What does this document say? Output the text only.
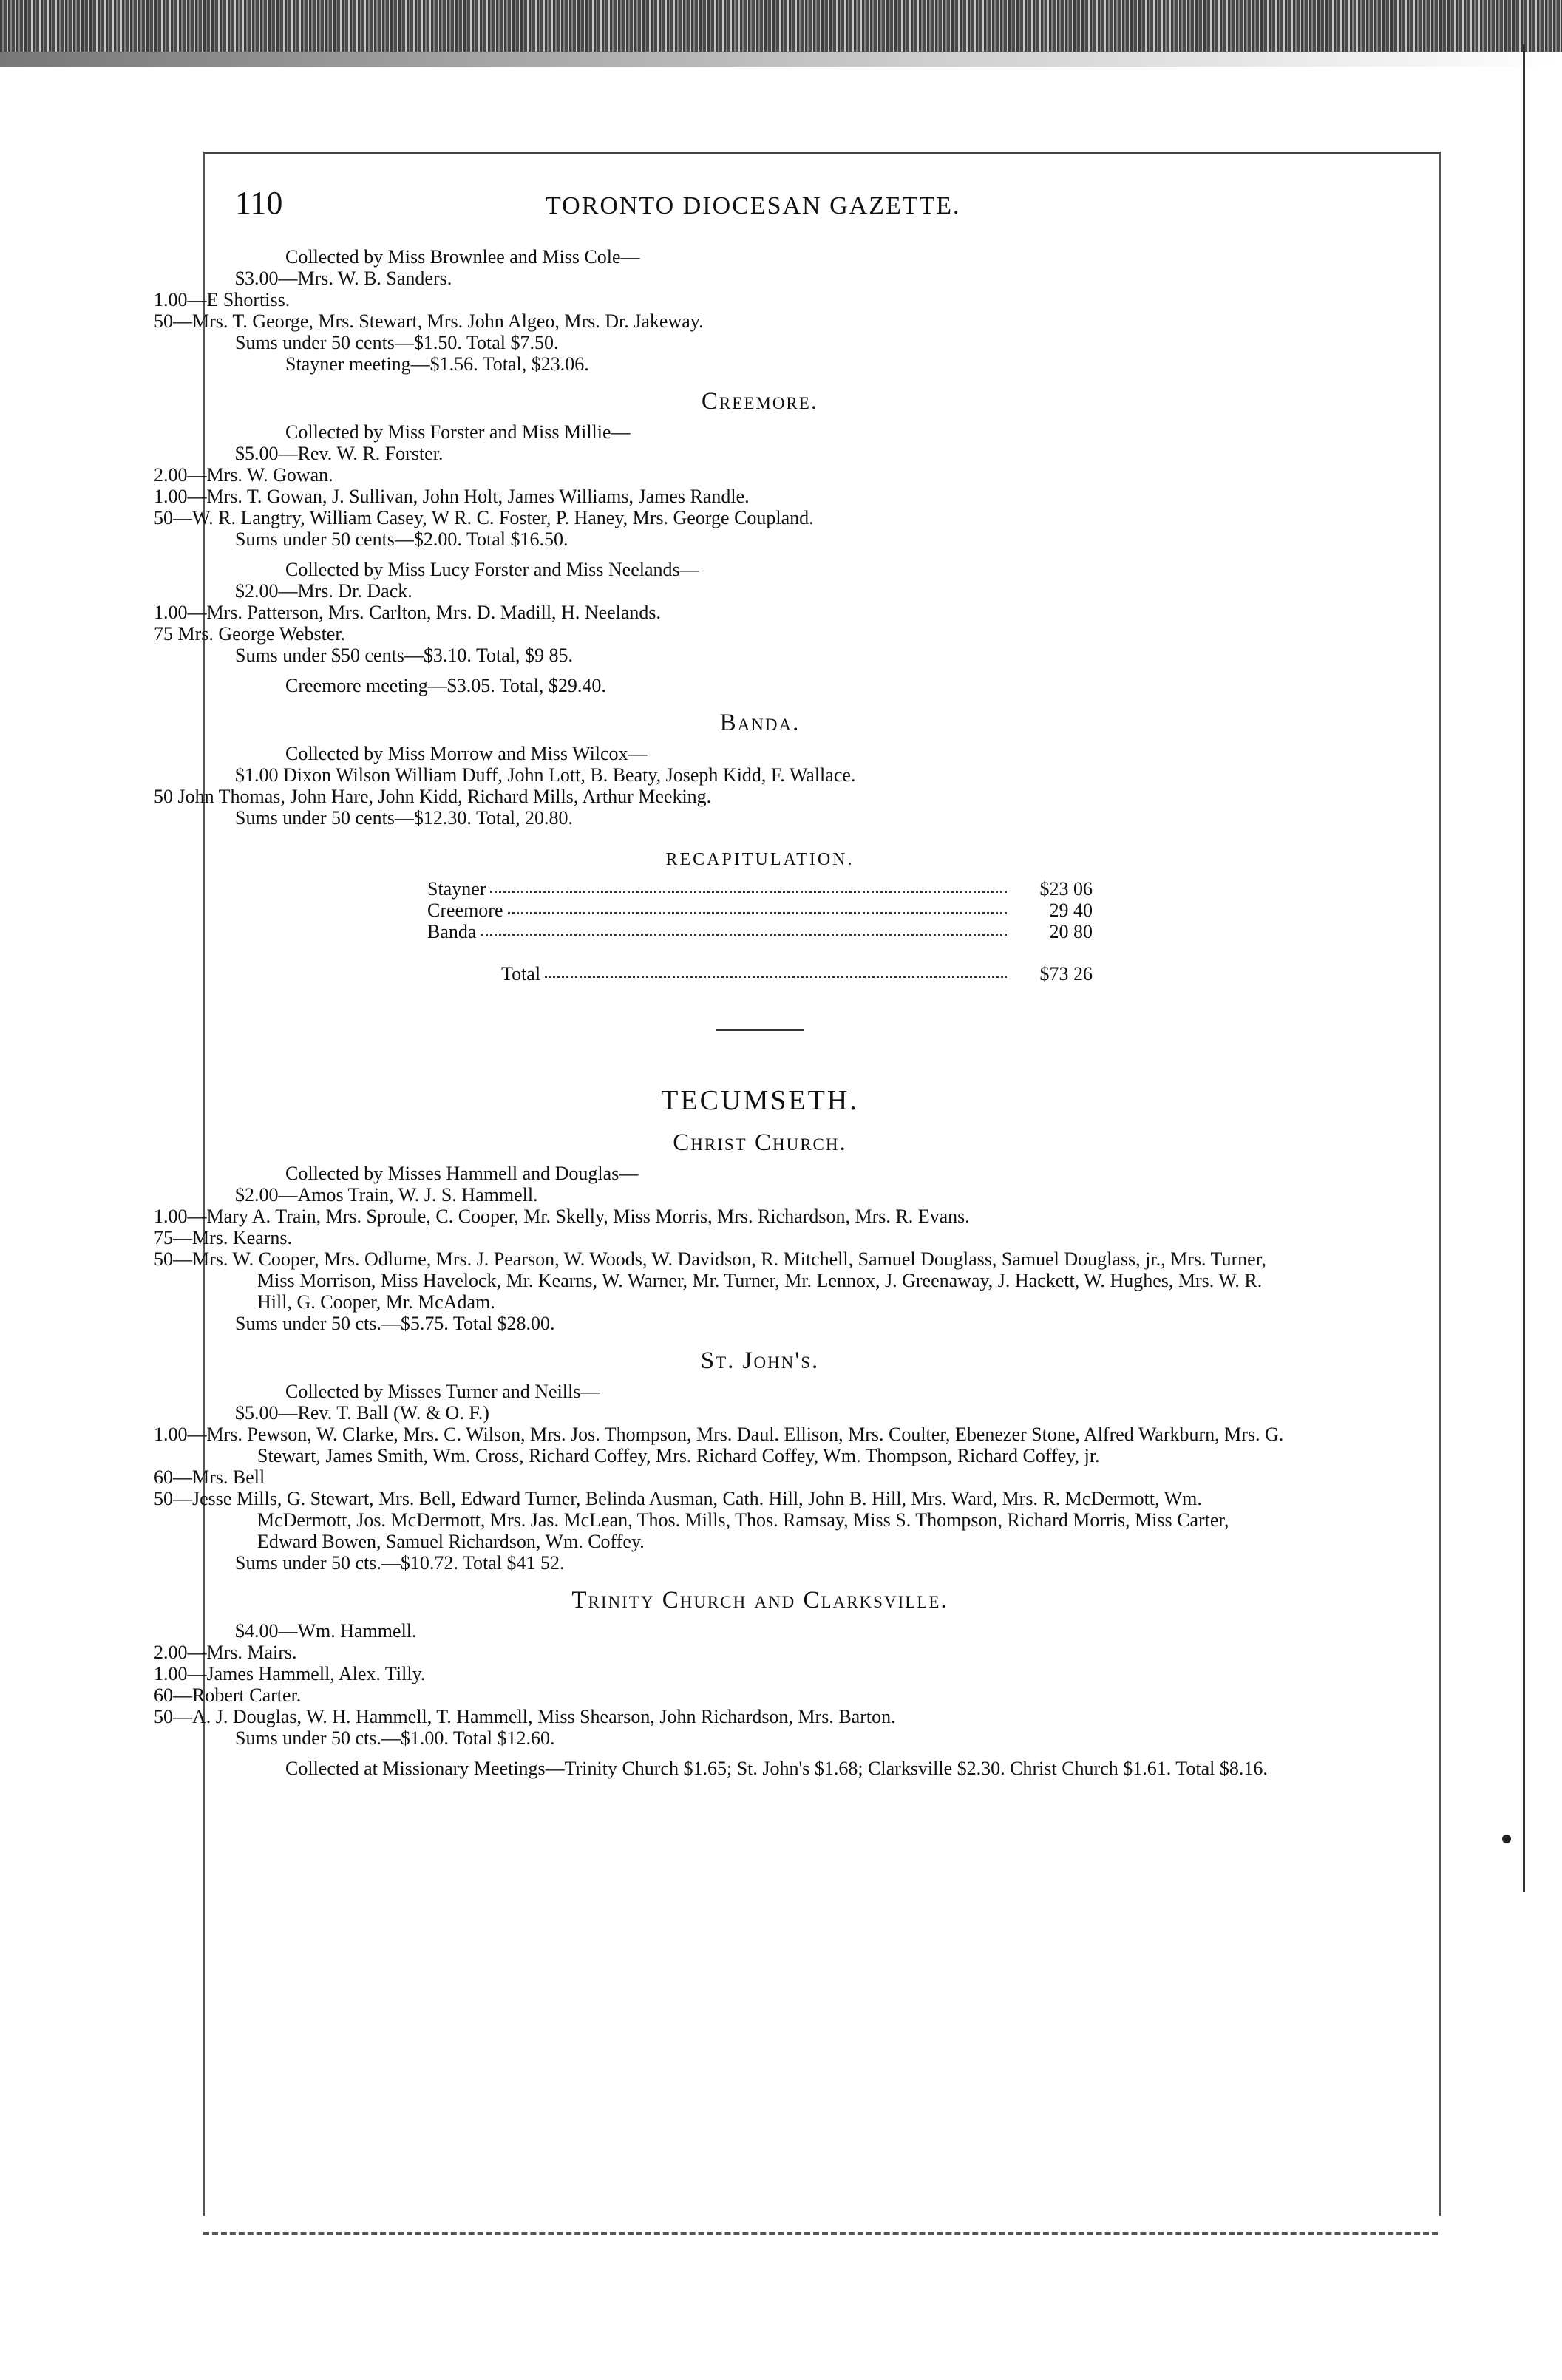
110	TORONTO DIOCESAN GAZETTE.

Collected by Miss Brownlee and Miss Cole—

$3.00—Mrs. W. B. Sanders.

1.00—E Shortiss.

50—Mrs. T. George, Mrs. Stewart, Mrs. John Algeo, Mrs. Dr. Jakeway.

Sums under 50 cents—$1.50. Total $7.50.

Stayner meeting—$1.56. Total, $23.06.

Creemore.

Collected by Miss Forster and Miss Millie—

$5.00—Rev. W. R. Forster.

2.00—Mrs. W. Gowan.

1.00—Mrs. T. Gowan, J. Sullivan, John Holt, James Williams, James Randle.

50—W. R. Langtry, William Casey, W R. C. Foster, P. Haney, Mrs. George Coupland.

Sums under 50 cents—$2.00. Total $16.50.

Collected by Miss Lucy Forster and Miss Neelands—

$2.00—Mrs. Dr. Dack.

1.00—Mrs. Patterson, Mrs. Carlton, Mrs. D. Madill, H. Neelands.

75 Mrs. George Webster.

Sums under $50 cents—$3.10. Total, $9 85.

Creemore meeting—$3.05. Total, $29.40.

Banda.

Collected by Miss Morrow and Miss Wilcox—

$1.00 Dixon Wilson William Duff, John Lott, B. Beaty, Joseph Kidd, F. Wallace.

50 John Thomas, John Hare, John Kidd, Richard Mills, Arthur Meeking.

Sums under 50 cents—$12.30. Total, 20.80.

RECAPITULATION.

Stayner	$23 06
Creemore	29 40
Banda	20 80
Total	$73 26

TECUMSETH.

Christ Church.

Collected by Misses Hammell and Douglas—

$2.00—Amos Train, W. J. S. Hammell.

1.00—Mary A. Train, Mrs. Sproule, C. Cooper, Mr. Skelly, Miss Morris, Mrs. Richardson, Mrs. R. Evans.

75—Mrs. Kearns.

50—Mrs. W. Cooper, Mrs. Odlume, Mrs. J. Pearson, W. Woods, W. Davidson, R. Mitchell, Samuel Douglass, Samuel Douglass, jr., Mrs. Turner, Miss Morrison, Miss Havelock, Mr. Kearns, W. Warner, Mr. Turner, Mr. Lennox, J. Greenaway, J. Hackett, W. Hughes, Mrs. W. R. Hill, G. Cooper, Mr. McAdam.

Sums under 50 cts.—$5.75. Total $28.00.

St. John's.

Collected by Misses Turner and Neills—

$5.00—Rev. T. Ball (W. & O. F.)

1.00—Mrs. Pewson, W. Clarke, Mrs. C. Wilson, Mrs. Jos. Thompson, Mrs. Daul. Ellison, Mrs. Coulter, Ebenezer Stone, Alfred Warkburn, Mrs. G. Stewart, James Smith, Wm. Cross, Richard Coffey, Mrs. Richard Coffey, Wm. Thompson, Richard Coffey, jr.

60—Mrs. Bell

50—Jesse Mills, G. Stewart, Mrs. Bell, Edward Turner, Belinda Ausman, Cath. Hill, John B. Hill, Mrs. Ward, Mrs. R. McDermott, Wm. McDermott, Jos. McDermott, Mrs. Jas. McLean, Thos. Mills, Thos. Ramsay, Miss S. Thompson, Richard Morris, Miss Carter, Edward Bowen, Samuel Richardson, Wm. Coffey.

Sums under 50 cts.—$10.72. Total $41 52.

Trinity Church and Clarksville.

$4.00—Wm. Hammell.

2.00—Mrs. Mairs.

1.00—James Hammell, Alex. Tilly.

60—Robert Carter.

50—A. J. Douglas, W. H. Hammell, T. Hammell, Miss Shearson, John Richardson, Mrs. Barton.

Sums under 50 cts.—$1.00. Total $12.60.

Collected at Missionary Meetings—Trinity Church $1.65; St. John's $1.68; Clarksville $2.30. Christ Church $1.61. Total $8.16.
